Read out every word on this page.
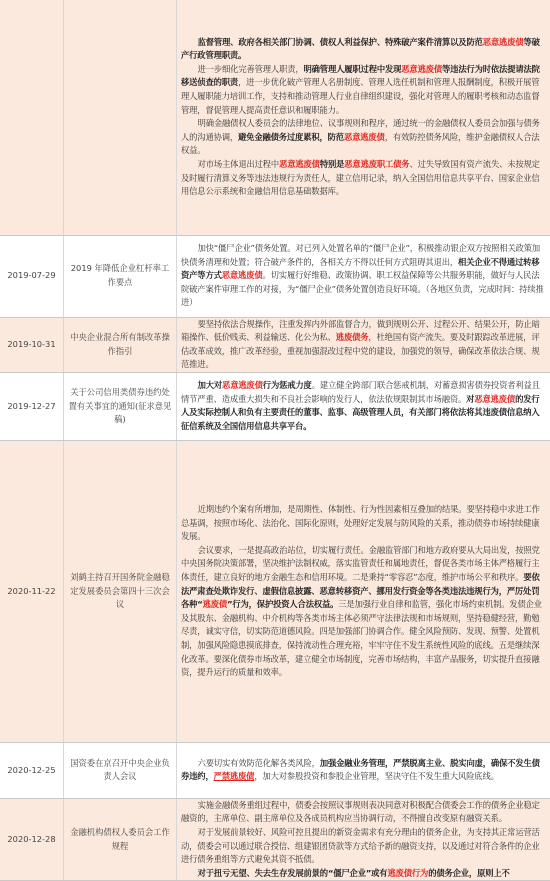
		监督管理、政府各相关部门协调、债权人利益保护、特殊破产案件清算以及防范恶意逃废债等破产行政管理职责。
进一步细化完善管理人职责，明确管理人履职过程中发现恶意逃废债等违法行为时依法提请法院移送侦查的职责，进一步优化破产管理人名册制度、管理人选任机制和管理人报酬制度，积极开展管理人履职能力培训工作，支持和推动管理人行业自律组织建设，强化对管理人的履职考核和动态监督管理，督促管理人提高责任意识和履职能力。
明确金融债权人委员会的法律地位、议事规则和程序，通过统一的金融债权人委员会加强与债务人的沟通协调，避免金融债务过度累积，防范恶意逃废债，有效防控债务风险，维护金融债权人合法权益。
对市场主体退出过程中恶意逃废债特别是恶意逃废职工债务、过失导致国有资产流失、未按规定及时履行清算义务等违法违规行为责任人，建立信用记录，纳入全国信用信息共享平台、国家企业信用信息公示系统和金融信用信息基础数据库。

2019-07-29	2019 年降低企业杠杆率工作要点	加快“僵尸企业”债务处置。对已列入处置名单的“僵尸企业”，积极推动银企双方按照相关政策加快债务清理和处置；符合破产条件的，各相关方不得以任何方式阻碍其退出，相关企业不得通过转移资产等方式恶意逃废债。切实履行好维稳、政策协调、职工权益保障等公共服务职能，做好与人民法院破产案件审理工作的对接，为“僵尸企业”债务处置创造良好环境。（各地区负责，完成时间：持续推进）

2019-10-31	中央企业混合所有制改革操作指引	要坚持依法合规操作，注重发挥内外部监督合力，做到规则公开、过程公开、结果公开，防止暗箱操作、低价贱卖、利益输送、化公为私、逃废债务，杜绝国有资产流失。要及时跟踪改革进展，评估改革成效，推广改革经验，重视加强混改过程中党的建设，加强党的领导，确保改革依法合规、规范推进。

2019-12-27	关于公司信用类债券违约处置有关事宜的通知(征求意见稿)	加大对恶意逃废债行为惩戒力度。建立健全跨部门联合惩戒机制，对蓄意损害债券投资者利益且情节严重、造成重大损失和不良社会影响的发行人，依法依规限制其市场融资。对恶意逃废债的发行人及实际控制人和负有主要责任的董事、监事、高级管理人员，有关部门将依法将其违废债信息纳入征信系统及全国信用信息共享平台。

2020-11-22	刘鹤主持召开国务院金融稳定发展委员会第四十三次会议	近期违约个案有所增加，是周期性、体制性、行为性因素相互叠加的结果。要坚持稳中求进工作总基调，按照市场化、法治化、国际化原则，处理好定发展与防风险的关系，推动债券市场持续健康发展。
会议要求，一是提高政治站位，切实履行责任。金融监管部门和地方政府要从大局出发，按照党中央国务院决策部署，坚决维护法制权威，落实监管责任和属地责任，督促各类市场主体严格履行主体责任，建立良好的地方金融生态和信用环境。二是秉持“零容忍”态度，维护市场公平和秩序。要依法严肃查处欺诈发行、虚假信息披露、恶意转移资产、挪用发行资金等各类违法违规行为，严厉处罚各种“逃废债”行为，保护投资人合法权益。三是加强行业自律和监管，强化市场约束机制。发债企业及其股东、金融机构、中介机构等各类市场主体必须严守法律法规和市场规则，坚持稳健经营，勤勉尽责，诚实守信，切实防范道德风险。四是加强部门协调合作。健全风险预防、发现、预警、处置机制，加强风险隐患摸底排查，保持流动性合理充裕，牢牢守住不发生系统性风险的底线。五是继续深化改革。要深化债券市场改革，建立健全市场制度，完善市场结构，丰富产品服务，切实提升直接融资，提升运行的质量和效率。

2020-12-25	国资委在京召开中央企业负责人会议	六要切实有效防范化解各类风险，加强金融业务管理，严禁脱离主业、脱实向虚，确保不发生债券违约，严禁逃废债，加大对参股投资和参股企业管理，坚决守住不发生重大风险底线。

2020-12-28	金融机构债权人委员会工作规程	实施金融债务重组过程中，债委会按照议事规则表决同意对积极配合债委会工作的债务企业稳定融资的，主席单位、副主席单位及各成员机构应当协调行动，不得擅自改变原有融资关系。
对于发展前景较好、风险可控且提出的新资金需求有充分理由的债务企业，为支持其正常运营活动，债委会可以通过联合授信、组建银团贷款等方式给予新的融资支持，以及通过对符合条件的企业进行债务重组等方式避免其资不抵债。
对于扭亏无望、失去生存发展前景的“僵尸企业”或有逃废债行为的债务企业，原则上不
